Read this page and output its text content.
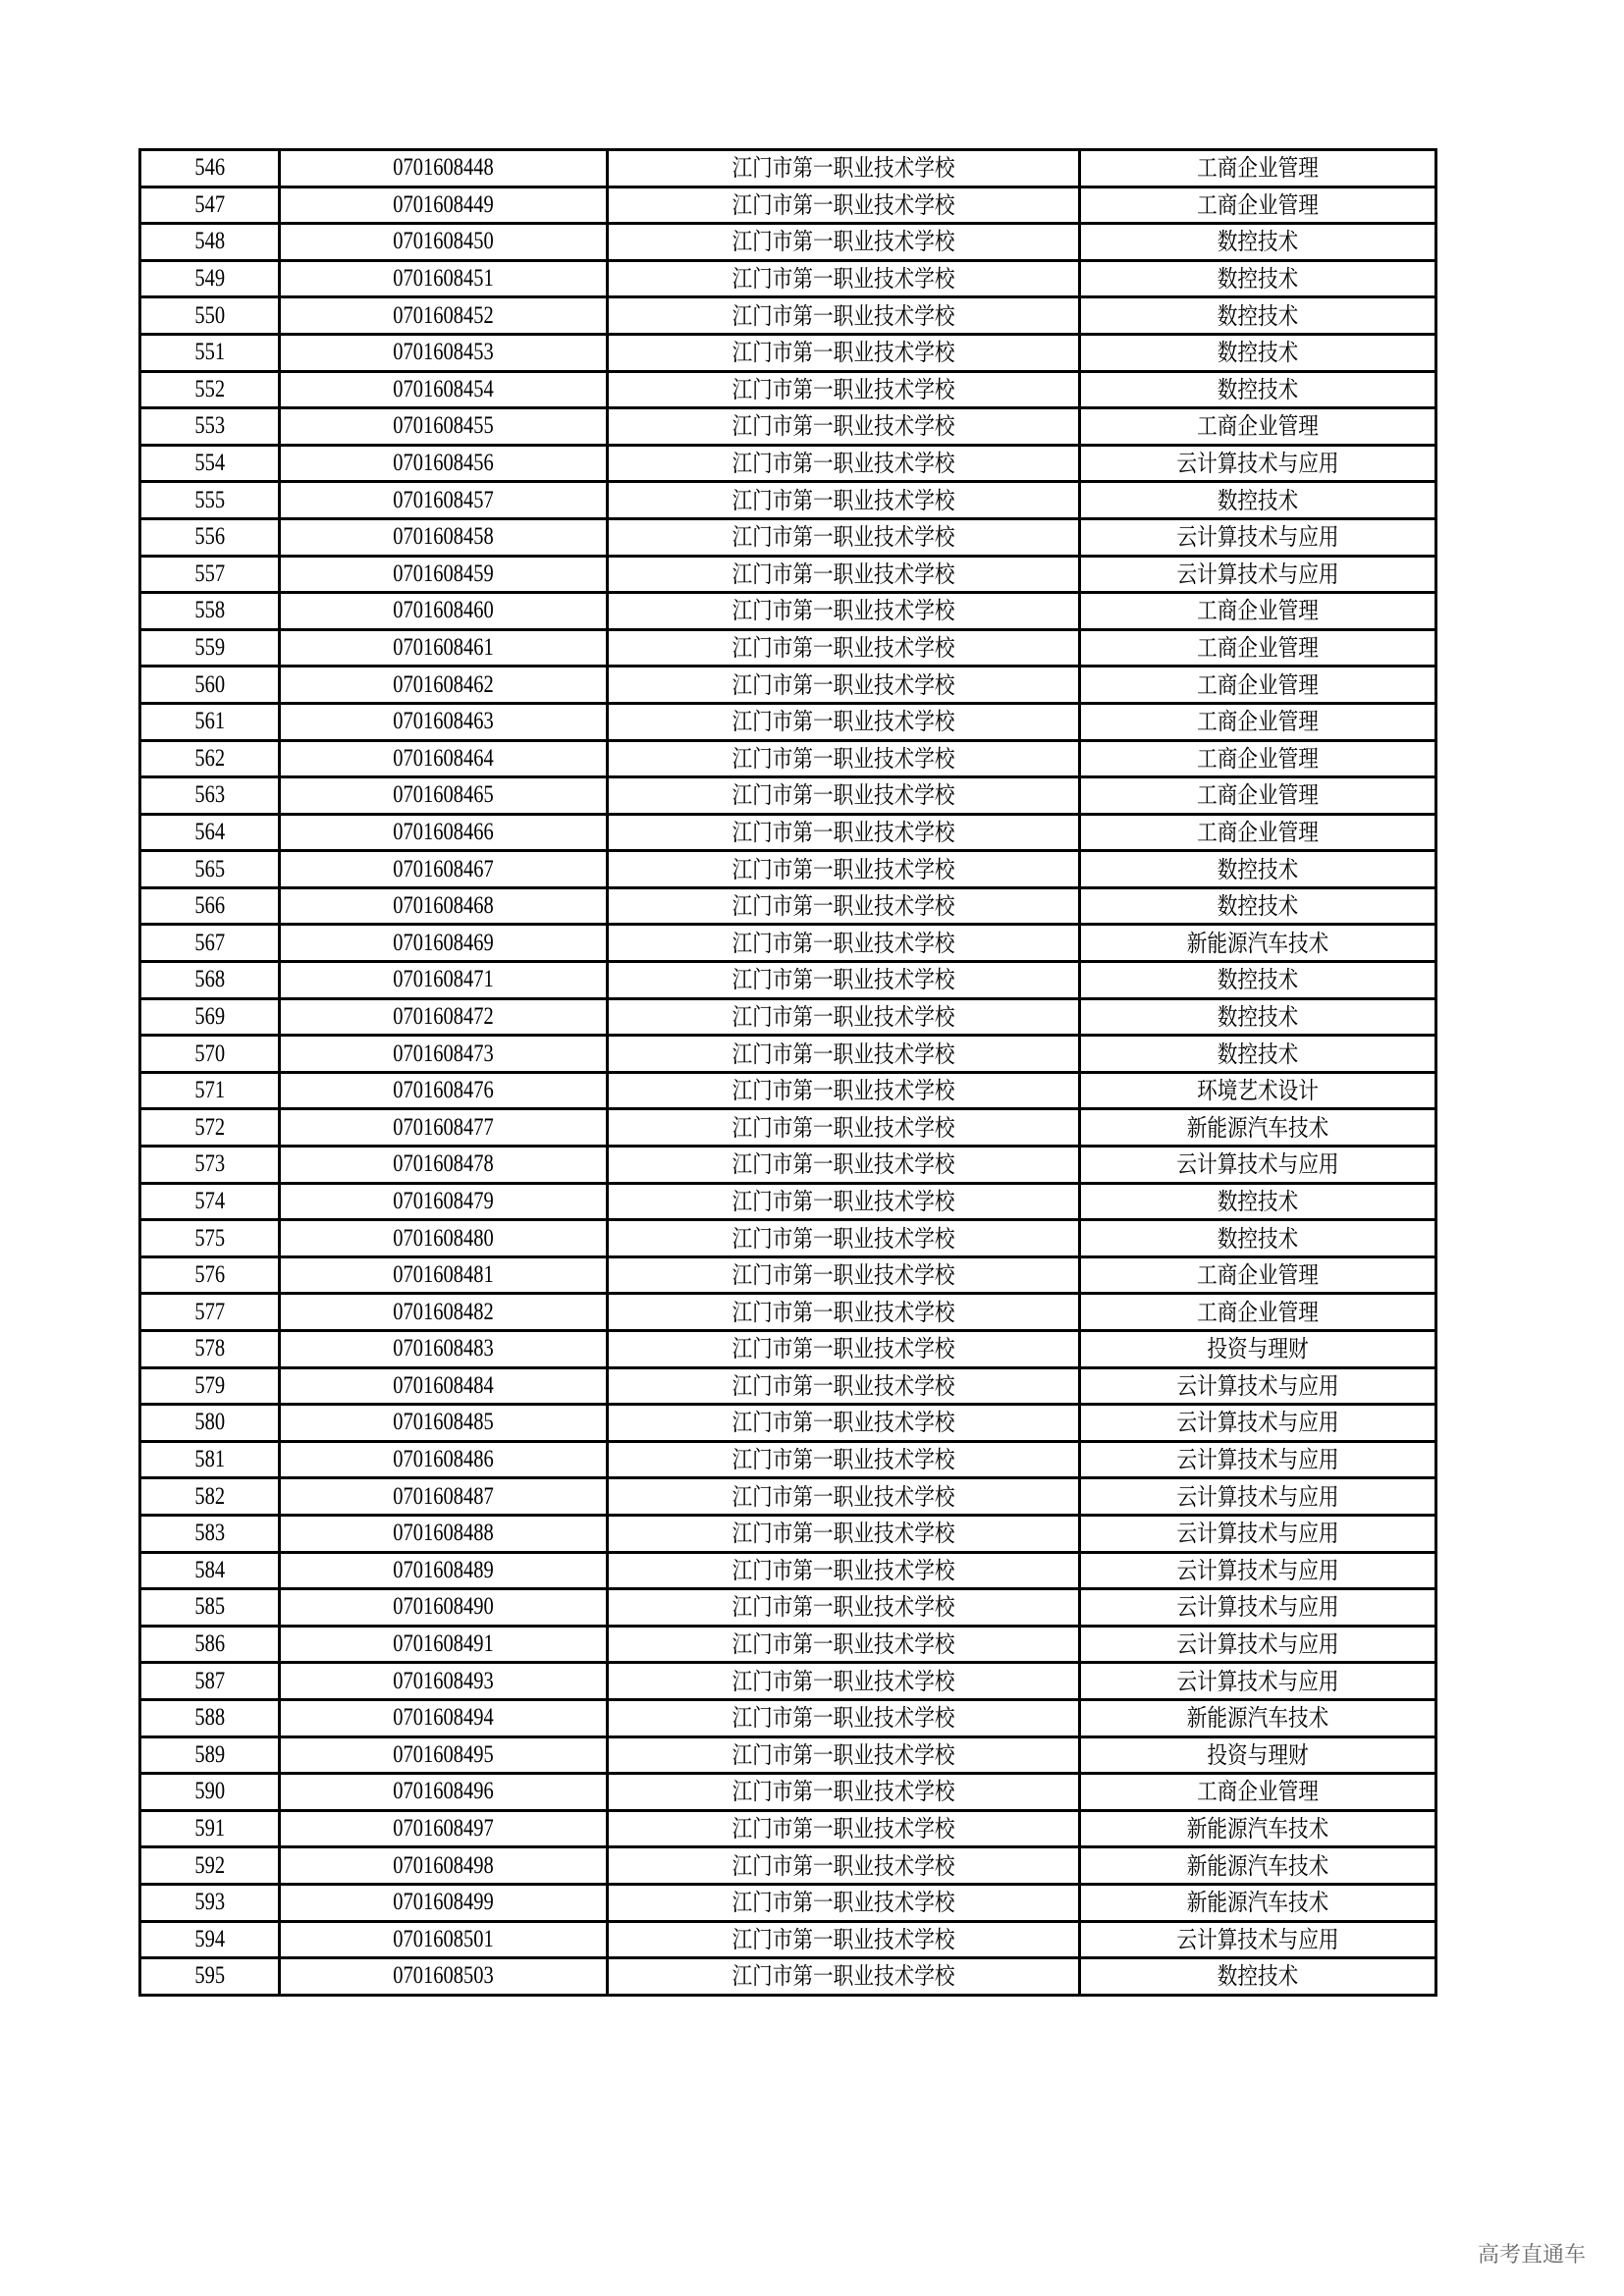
546	0701608448	江门市第一职业技术学校	工商企业管理
547	0701608449	江门市第一职业技术学校	工商企业管理
548	0701608450	江门市第一职业技术学校	数控技术
549	0701608451	江门市第一职业技术学校	数控技术
550	0701608452	江门市第一职业技术学校	数控技术
551	0701608453	江门市第一职业技术学校	数控技术
552	0701608454	江门市第一职业技术学校	数控技术
553	0701608455	江门市第一职业技术学校	工商企业管理
554	0701608456	江门市第一职业技术学校	云计算技术与应用
555	0701608457	江门市第一职业技术学校	数控技术
556	0701608458	江门市第一职业技术学校	云计算技术与应用
557	0701608459	江门市第一职业技术学校	云计算技术与应用
558	0701608460	江门市第一职业技术学校	工商企业管理
559	0701608461	江门市第一职业技术学校	工商企业管理
560	0701608462	江门市第一职业技术学校	工商企业管理
561	0701608463	江门市第一职业技术学校	工商企业管理
562	0701608464	江门市第一职业技术学校	工商企业管理
563	0701608465	江门市第一职业技术学校	工商企业管理
564	0701608466	江门市第一职业技术学校	工商企业管理
565	0701608467	江门市第一职业技术学校	数控技术
566	0701608468	江门市第一职业技术学校	数控技术
567	0701608469	江门市第一职业技术学校	新能源汽车技术
568	0701608471	江门市第一职业技术学校	数控技术
569	0701608472	江门市第一职业技术学校	数控技术
570	0701608473	江门市第一职业技术学校	数控技术
571	0701608476	江门市第一职业技术学校	环境艺术设计
572	0701608477	江门市第一职业技术学校	新能源汽车技术
573	0701608478	江门市第一职业技术学校	云计算技术与应用
574	0701608479	江门市第一职业技术学校	数控技术
575	0701608480	江门市第一职业技术学校	数控技术
576	0701608481	江门市第一职业技术学校	工商企业管理
577	0701608482	江门市第一职业技术学校	工商企业管理
578	0701608483	江门市第一职业技术学校	投资与理财
579	0701608484	江门市第一职业技术学校	云计算技术与应用
580	0701608485	江门市第一职业技术学校	云计算技术与应用
581	0701608486	江门市第一职业技术学校	云计算技术与应用
582	0701608487	江门市第一职业技术学校	云计算技术与应用
583	0701608488	江门市第一职业技术学校	云计算技术与应用
584	0701608489	江门市第一职业技术学校	云计算技术与应用
585	0701608490	江门市第一职业技术学校	云计算技术与应用
586	0701608491	江门市第一职业技术学校	云计算技术与应用
587	0701608493	江门市第一职业技术学校	云计算技术与应用
588	0701608494	江门市第一职业技术学校	新能源汽车技术
589	0701608495	江门市第一职业技术学校	投资与理财
590	0701608496	江门市第一职业技术学校	工商企业管理
591	0701608497	江门市第一职业技术学校	新能源汽车技术
592	0701608498	江门市第一职业技术学校	新能源汽车技术
593	0701608499	江门市第一职业技术学校	新能源汽车技术
594	0701608501	江门市第一职业技术学校	云计算技术与应用
595	0701608503	江门市第一职业技术学校	数控技术
高考直通车
